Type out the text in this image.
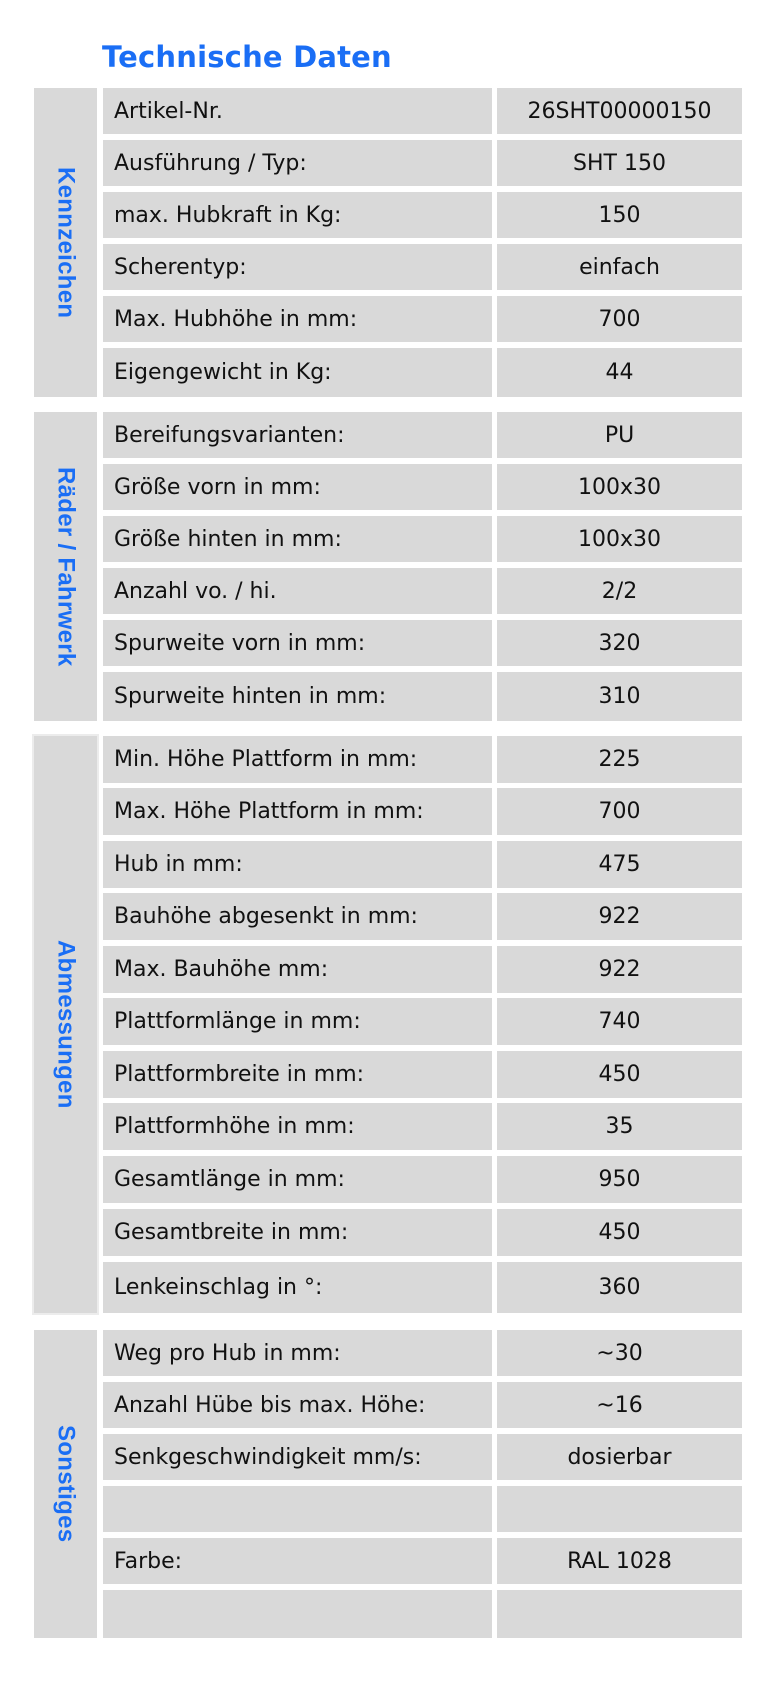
Technische Daten
Kennzeichen
Artikel-Nr.	26SHT00000150
Ausführung / Typ:	SHT 150
max. Hubkraft in Kg:	150
Scherentyp:	einfach
Max. Hubhöhe in mm:	700
Eigengewicht in Kg:	44
Räder / Fahrwerk
Bereifungsvarianten:	PU
Größe vorn in mm:	100x30
Größe hinten in mm:	100x30
Anzahl vo. / hi.	2/2
Spurweite vorn in mm:	320
Spurweite hinten in mm:	310
Abmessungen
Min. Höhe Plattform in mm:	225
Max. Höhe Plattform in mm:	700
Hub in mm:	475
Bauhöhe abgesenkt in mm:	922
Max. Bauhöhe mm:	922
Plattformlänge in mm:	740
Plattformbreite in mm:	450
Plattformhöhe in mm:	35
Gesamtlänge in mm:	950
Gesamtbreite in mm:	450
Lenkeinschlag in °:	360
Sonstiges
Weg pro Hub in mm:	~30
Anzahl Hübe bis max. Höhe:	~16
Senkgeschwindigkeit mm/s:	dosierbar
Farbe:	RAL 1028
